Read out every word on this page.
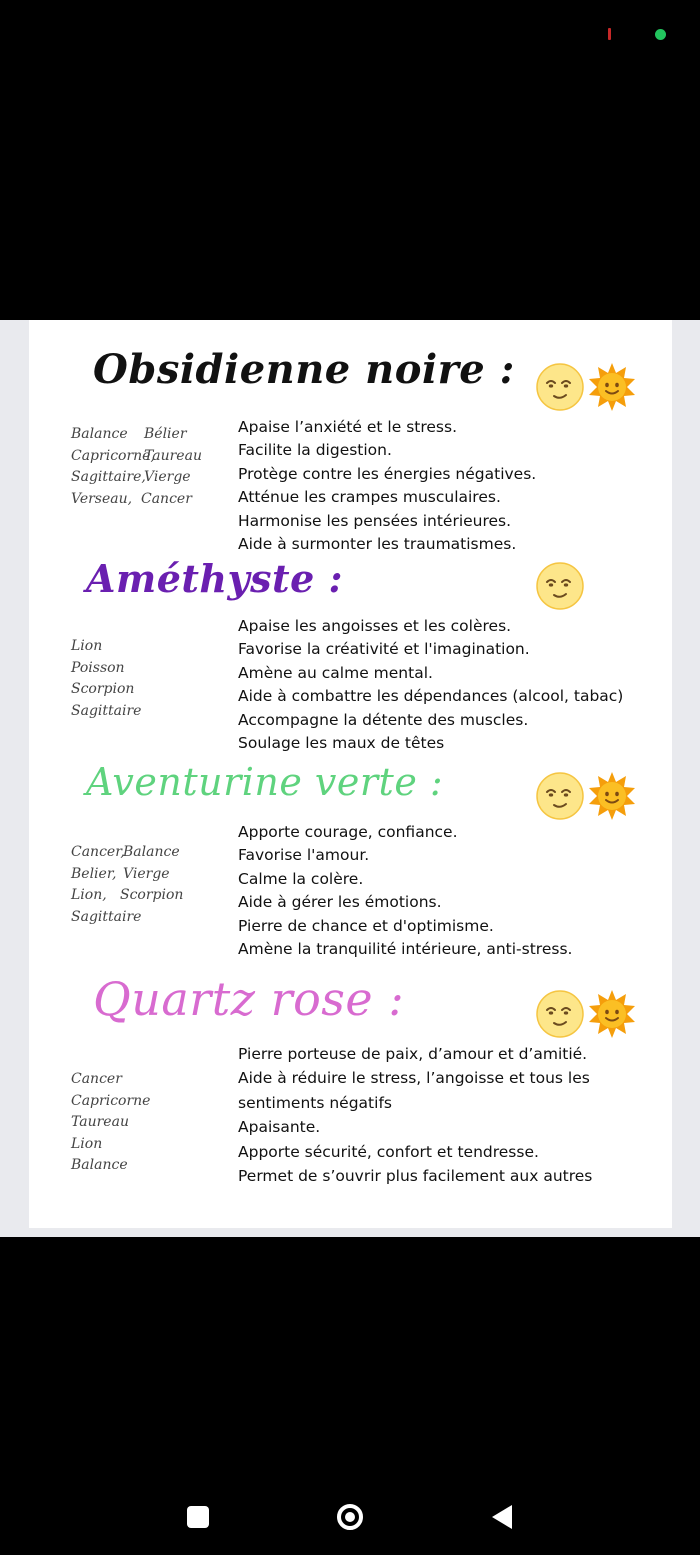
Obsidienne noire :
Balance	Bélier
Capricorne,
Taureau
Sagittaire,
Vierge
Verseau, Cancer
Apaise l’anxiété et le stress.
Facilite la digestion.
Protège contre les énergies négatives.
Atténue les crampes musculaires.
Harmonise les pensées intérieures.
Aide à surmonter les traumatismes.
Améthyste :
Lion
Poisson
Scorpion
Sagittaire
Apaise les angoisses et les colères.
Favorise la créativité et l'imagination.
Amène au calme mental.
Aide à combattre les dépendances (alcool, tabac)
Accompagne la détente des muscles.
Soulage les maux de têtes
Aventurine verte :
Cancer,
Balance
Belier, Vierge
Lion, Scorpion
Sagittaire
Apporte courage, confiance.
Favorise l'amour.
Calme la colère.
Aide à gérer les émotions.
Pierre de chance et d'optimisme.
Amène la tranquilité intérieure, anti-stress.
Quartz rose :
Cancer
Capricorne
Taureau
Lion
Balance
Pierre porteuse de paix, d’amour et d’amitié.
Aide à réduire le stress, l’angoisse et tous les sentiments négatifs
Apaisante.
Apporte sécurité, confort et tendresse.
Permet de s’ouvrir plus facilement aux autres
